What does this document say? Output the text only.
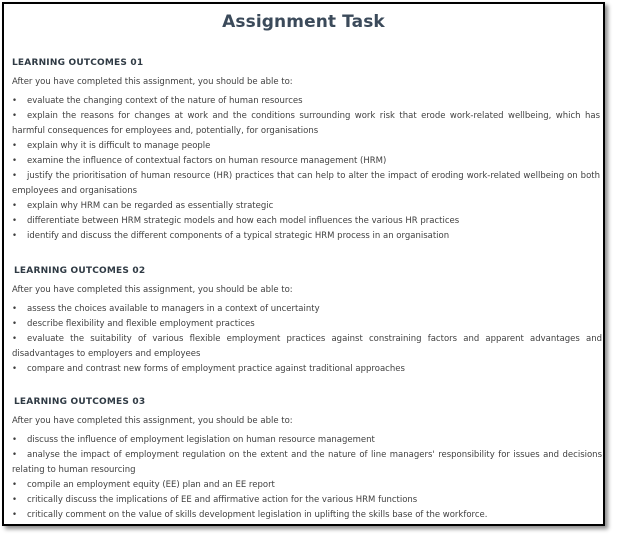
Assignment Task
LEARNING OUTCOMES 01
After you have completed this assignment, you should be able to:
• evaluate the changing context of the nature of human resources
• explain the reasons for changes at work and the conditions surrounding work risk that erode work-related wellbeing, which has harmful consequences for employees and, potentially, for organisations
• explain why it is difficult to manage people
• examine the influence of contextual factors on human resource management (HRM)
• justify the prioritisation of human resource (HR) practices that can help to alter the impact of eroding work-related wellbeing on both employees and organisations
• explain why HRM can be regarded as essentially strategic
• differentiate between HRM strategic models and how each model influences the various HR practices
• identify and discuss the different components of a typical strategic HRM process in an organisation
LEARNING OUTCOMES 02
After you have completed this assignment, you should be able to:
• assess the choices available to managers in a context of uncertainty
• describe flexibility and flexible employment practices
• evaluate the suitability of various flexible employment practices against constraining factors and apparent advantages and disadvantages to employers and employees
• compare and contrast new forms of employment practice against traditional approaches
LEARNING OUTCOMES 03
After you have completed this assignment, you should be able to:
• discuss the influence of employment legislation on human resource management
• analyse the impact of employment regulation on the extent and the nature of line managers' responsibility for issues and decisions relating to human resourcing
• compile an employment equity (EE) plan and an EE report
• critically discuss the implications of EE and affirmative action for the various HRM functions
• critically comment on the value of skills development legislation in uplifting the skills base of the workforce.
